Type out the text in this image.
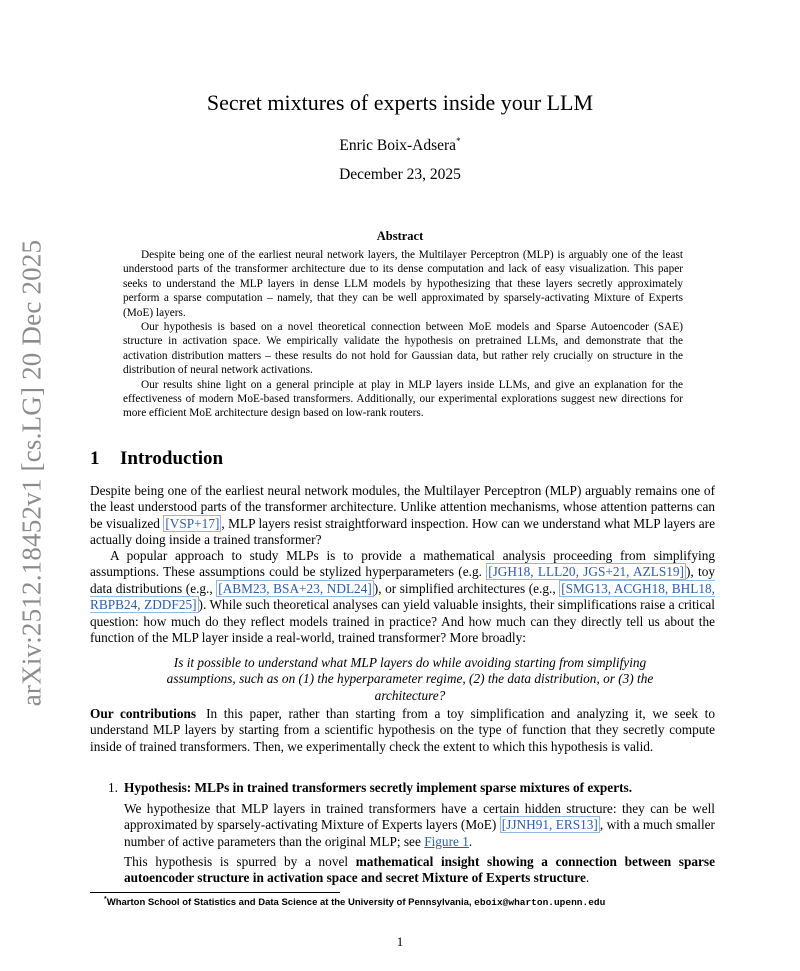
arXiv:2512.18452v1 [cs.LG] 20 Dec 2025
Secret mixtures of experts inside your LLM
Enric Boix-Adsera*
December 23, 2025
Abstract

Despite being one of the earliest neural network layers, the Multilayer Perceptron (MLP) is arguably one of the least understood parts of the transformer architecture due to its dense computation and lack of easy visualization. This paper seeks to understand the MLP layers in dense LLM models by hypothesizing that these layers secretly approximately perform a sparse computation – namely, that they can be well approximated by sparsely-activating Mixture of Experts (MoE) layers.

Our hypothesis is based on a novel theoretical connection between MoE models and Sparse Autoencoder (SAE) structure in activation space. We empirically validate the hypothesis on pretrained LLMs, and demonstrate that the activation distribution matters – these results do not hold for Gaussian data, but rather rely crucially on structure in the distribution of neural network activations.

Our results shine light on a general principle at play in MLP layers inside LLMs, and give an explanation for the effectiveness of modern MoE-based transformers. Additionally, our experimental explorations suggest new directions for more efficient MoE architecture design based on low-rank routers.

1 Introduction
Despite being one of the earliest neural network modules, the Multilayer Perceptron (MLP) arguably remains one of the least understood parts of the transformer architecture. Unlike attention mechanisms, whose attention patterns can be visualized [VSP+17] , MLP layers resist straightforward inspection. How can we understand what MLP layers are actually doing inside a trained transformer?
A popular approach to study MLPs is to provide a mathematical analysis proceeding from simplifying assumptions. These assumptions could be stylized hyperparameters (e.g. [JGH18, LLL20, JGS+21, AZLS19] ), toy data distributions (e.g., [ABM23, BSA+23, NDL24] ), or simplified architectures (e.g., [SMG13, ACGH18, BHL18, RBPB24, ZDDF25] ). While such theoretical analyses can yield valuable insights, their simplifications raise a critical question: how much do they reflect models trained in practice? And how much can they directly tell us about the function of the MLP layer inside a real-world, trained transformer? More broadly:
Is it possible to understand what MLP layers do while avoiding starting from simplifying assumptions, such as on (1) the hyperparameter regime, (2) the data distribution, or (3) the architecture?
Our contributions In this paper, rather than starting from a toy simplification and analyzing it, we seek to understand MLP layers by starting from a scientific hypothesis on the type of function that they secretly compute inside of trained transformers. Then, we experimentally check the extent to which this hypothesis is valid.
1. Hypothesis: MLPs in trained transformers secretly implement sparse mixtures of experts.
We hypothesize that MLP layers in trained transformers have a certain hidden structure: they can be well approximated by sparsely-activating Mixture of Experts layers (MoE) [JJNH91, ERS13] , with a much smaller number of active parameters than the original MLP; see Figure 1.
This hypothesis is spurred by a novel mathematical insight showing a connection between sparse autoencoder structure in activation space and secret Mixture of Experts structure.
*Wharton School of Statistics and Data Science at the University of Pennsylvania, eboix@wharton.upenn.edu
1
